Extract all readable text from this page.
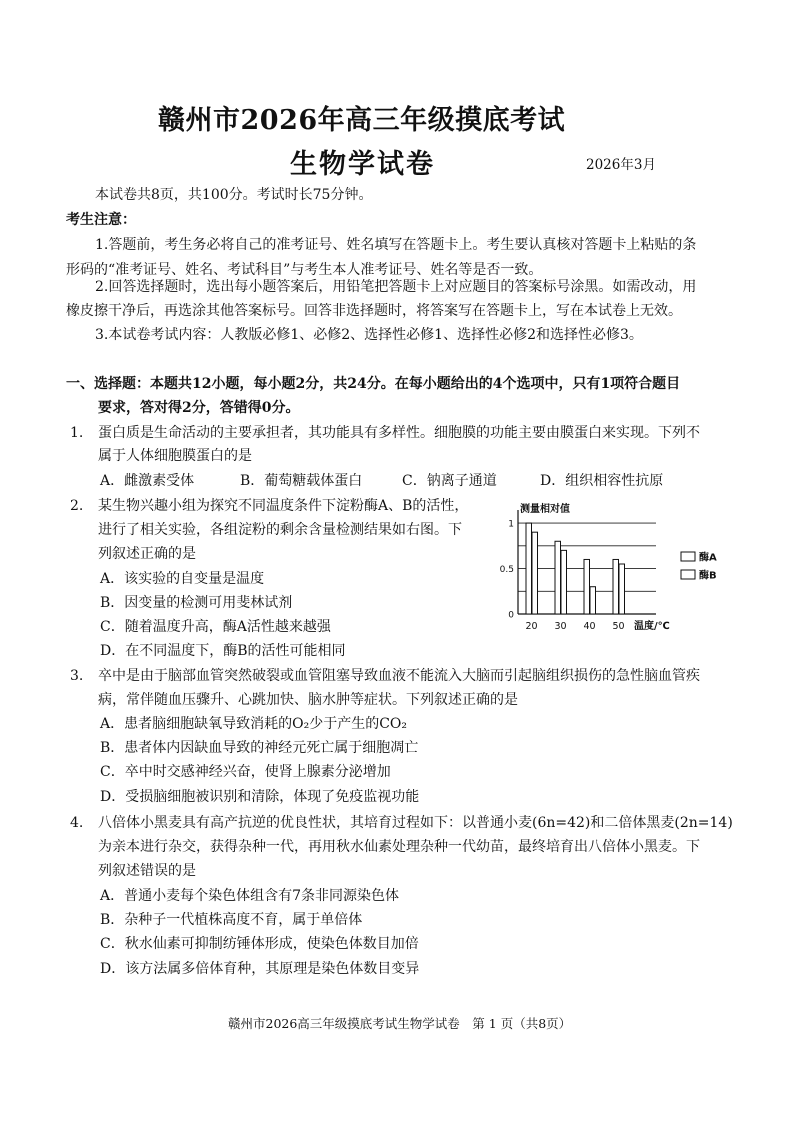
赣州市2026年高三年级摸底考试
生物学试卷	2026年3月
本试卷共8页，共100分。考试时长75分钟。
考生注意：
1.答题前，考生务必将自己的准考证号、姓名填写在答题卡上。考生要认真核对答题卡上粘贴的条
形码的“准考证号、姓名、考试科目”与考生本人准考证号、姓名等是否一致。
2.回答选择题时，选出每小题答案后，用铅笔把答题卡上对应题目的答案标号涂黑。如需改动，用
橡皮擦干净后，再选涂其他答案标号。回答非选择题时，将答案写在答题卡上，写在本试卷上无效。
3.本试卷考试内容：人教版必修1、必修2、选择性必修1、选择性必修2和选择性必修3。
一、选择题：本题共12小题，每小题2分，共24分。在每小题给出的4个选项中，只有1项符合题目
要求，答对得2分，答错得0分。
1. 蛋白质是生命活动的主要承担者，其功能具有多样性。细胞膜的功能主要由膜蛋白来实现。下列不
属于人体细胞膜蛋白的是
A．雌激素受体	B．葡萄糖载体蛋白	C．钠离子通道	D．组织相容性抗原
2. 某生物兴趣小组为探究不同温度条件下淀粉酶A、B的活性，
进行了相关实验，各组淀粉的剩余含量检测结果如右图。下
列叙述正确的是
A．该实验的自变量是温度
B．因变量的检测可用斐林试剂
C．随着温度升高，酶A活性越来越强
D．在不同温度下，酶B的活性可能相同
测量相对值
温度/℃
0
0.5
1
20 30 40 50
酶A
酶B
3. 卒中是由于脑部血管突然破裂或血管阻塞导致血液不能流入大脑而引起脑组织损伤的急性脑血管疾
病，常伴随血压骤升、心跳加快、脑水肿等症状。下列叙述正确的是
A．患者脑细胞缺氧导致消耗的O₂少于产生的CO₂
B．患者体内因缺血导致的神经元死亡属于细胞凋亡
C．卒中时交感神经兴奋，使肾上腺素分泌增加
D．受损脑细胞被识别和清除，体现了免疫监视功能
4. 八倍体小黑麦具有高产抗逆的优良性状，其培育过程如下：以普通小麦(6n=42)和二倍体黑麦(2n=14)
为亲本进行杂交，获得杂种一代，再用秋水仙素处理杂种一代幼苗，最终培育出八倍体小黑麦。下
列叙述错误的是
A．普通小麦每个染色体组含有7条非同源染色体
B．杂种子一代植株高度不育，属于单倍体
C．秋水仙素可抑制纺锤体形成，使染色体数目加倍
D．该方法属多倍体育种，其原理是染色体数目变异
赣州市2026高三年级摸底考试生物学试卷　第 1 页（共8页）
